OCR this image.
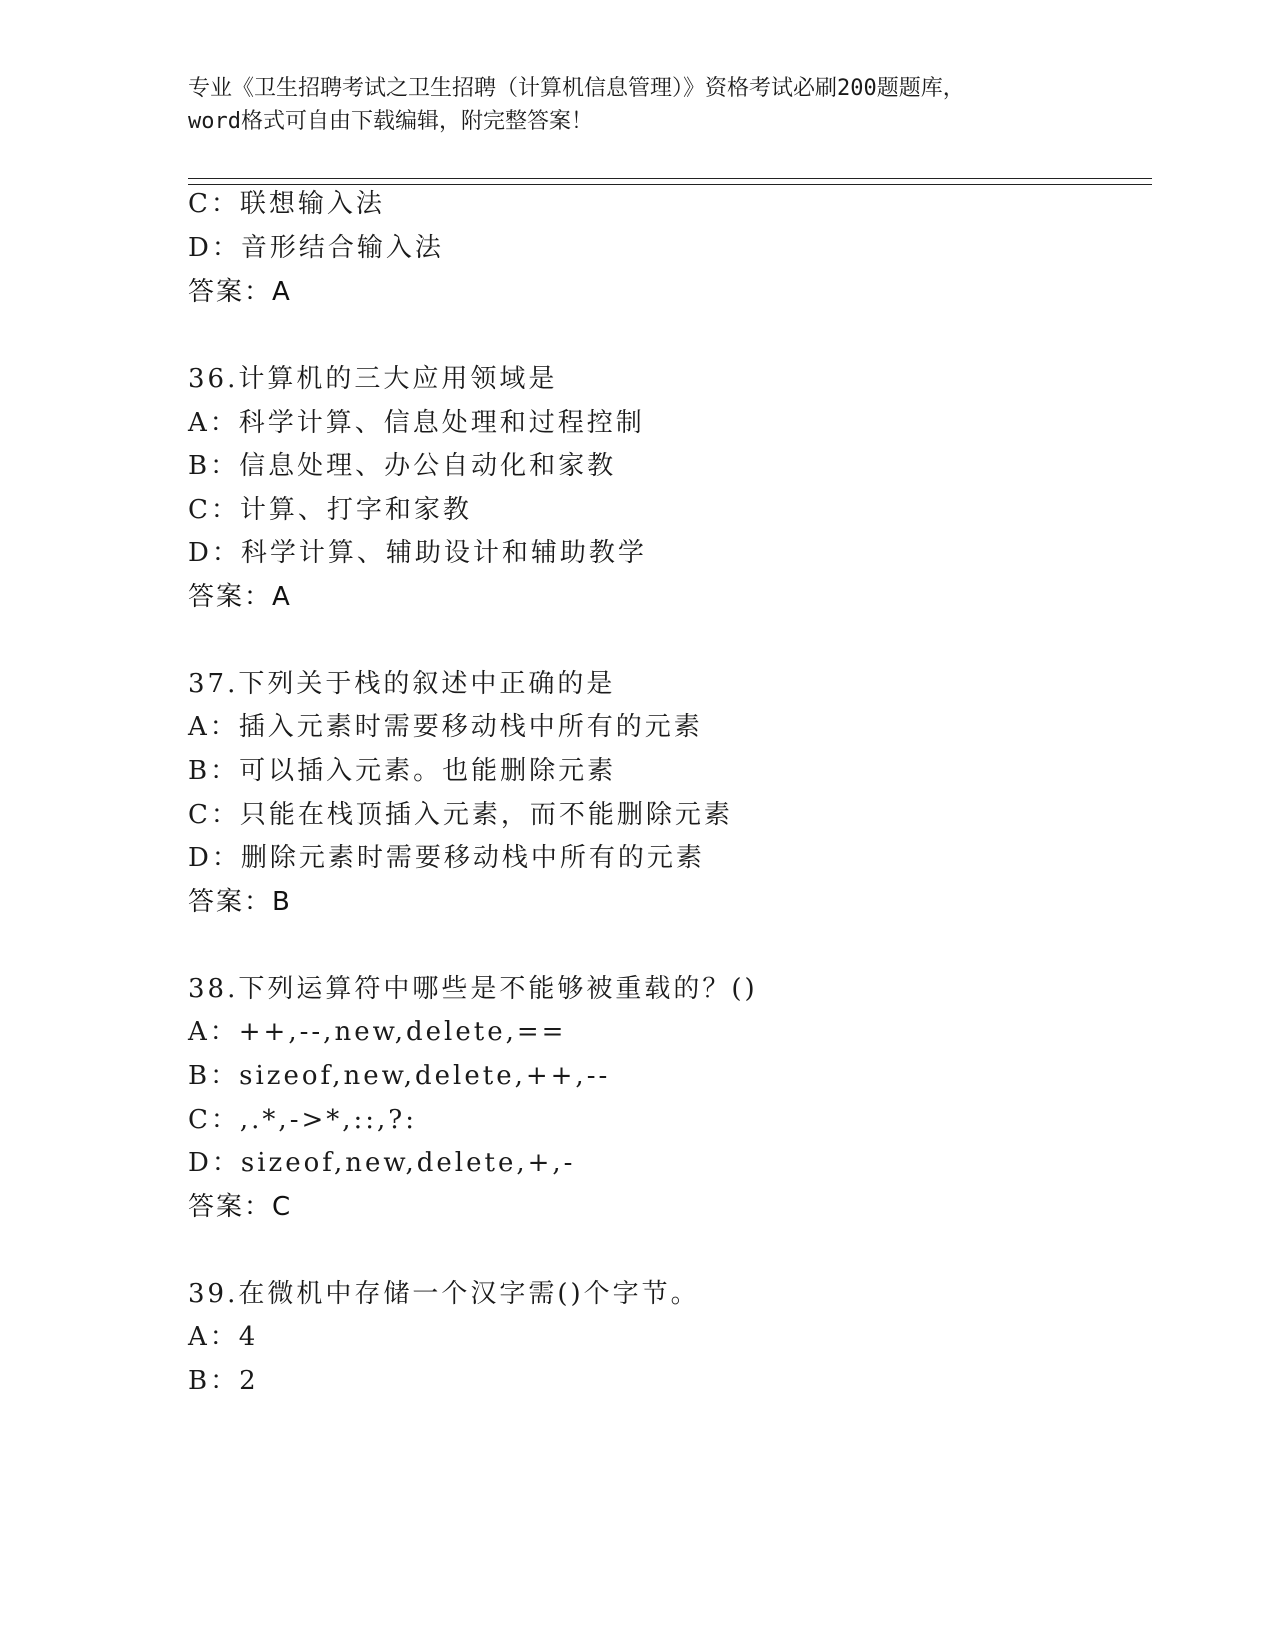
专业《卫生招聘考试之卫生招聘（计算机信息管理）》资格考试必刷200题题库，
word格式可自由下载编辑，附完整答案！
C：联想输入法
D：音形结合输入法
答案：A
36.计算机的三大应用领域是
A：科学计算、信息处理和过程控制
B：信息处理、办公自动化和家教
C：计算、打字和家教
D：科学计算、辅助设计和辅助教学
答案：A
37.下列关于栈的叙述中正确的是
A：插入元素时需要移动栈中所有的元素
B：可以插入元素。也能删除元素
C：只能在栈顶插入元素，而不能删除元素
D：删除元素时需要移动栈中所有的元素
答案：B
38.下列运算符中哪些是不能够被重载的？()
A：++,--,new,delete,==
B：sizeof,new,delete,++,--
C：,.*,->*,::,?:
D：sizeof,new,delete,+,-
答案：C
39.在微机中存储一个汉字需()个字节。
A：4
B：2
